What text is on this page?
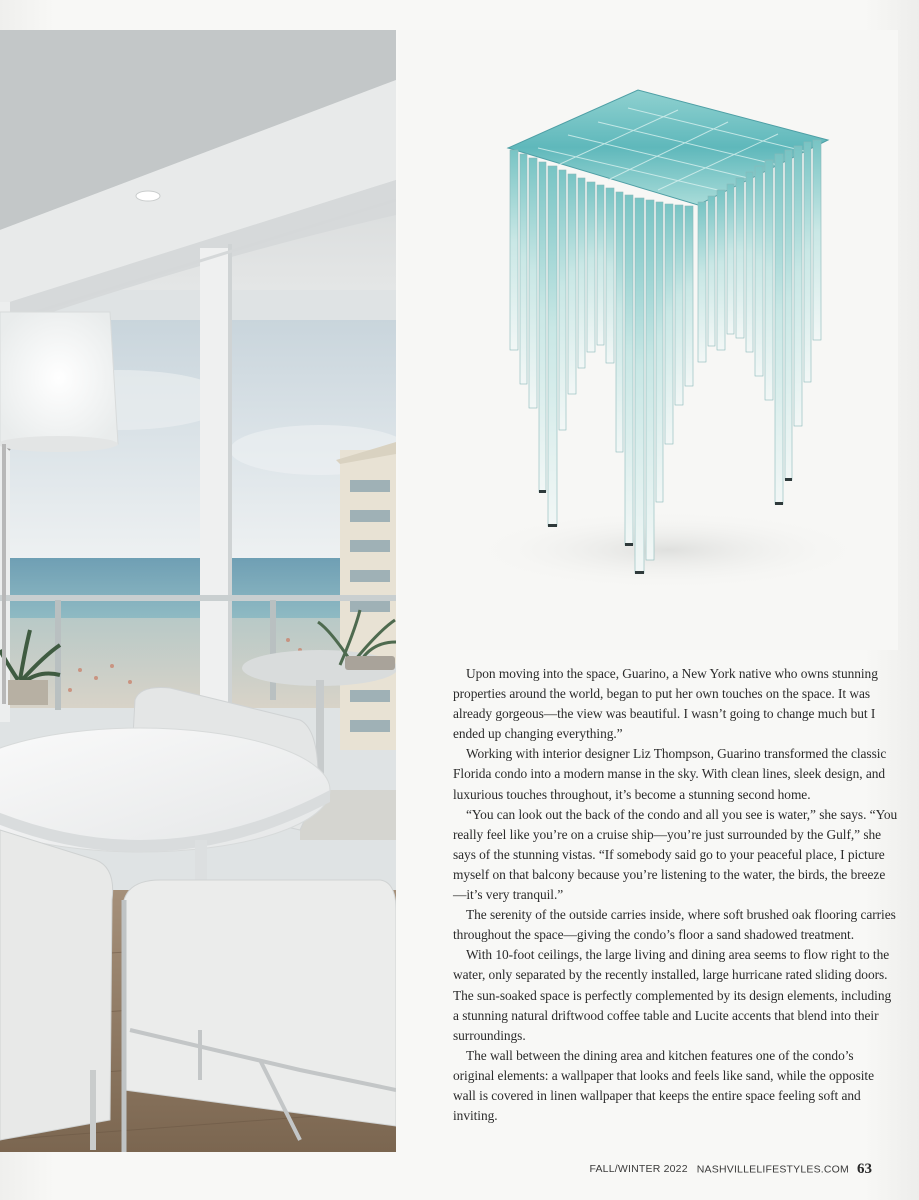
Upon moving into the space, Guarino, a New York native who owns stunning properties around the world, began to put her own touches on the space. It was already gorgeous—the view was beautiful. I wasn’t going to change much but I ended up changing everything.”

Working with interior designer Liz Thompson, Guarino transformed the classic Florida condo into a modern manse in the sky. With clean lines, sleek design, and luxurious touches throughout, it’s become a stunning second home.

“You can look out the back of the condo and all you see is water,” she says. “You really feel like you’re on a cruise ship—you’re just surrounded by the Gulf,” she says of the stunning vistas. “If somebody said go to your peaceful place, I picture myself on that balcony because you’re listening to the water, the birds, the breeze—it’s very tranquil.”

The serenity of the outside carries inside, where soft brushed oak flooring carries throughout the space—giving the condo’s floor a sand shadowed treatment.

With 10-foot ceilings, the large living and dining area seems to flow right to the water, only separated by the recently installed, large hurricane rated sliding doors. The sun-soaked space is perfectly complemented by its design elements, including a stunning natural driftwood coffee table and Lucite accents that blend into their surroundings.

The wall between the dining area and kitchen features one of the condo’s original elements: a wallpaper that looks and feels like sand, while the opposite wall is covered in linen wallpaper that keeps the entire space feeling soft and inviting.

FALL/WINTER 2022 NASHVILLELIFESTYLES.COM 63
